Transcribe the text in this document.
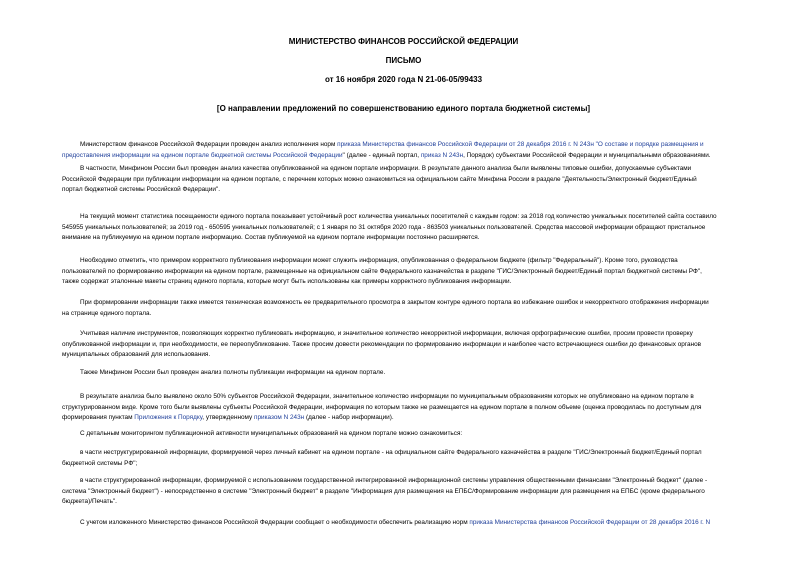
МИНИСТЕРСТВО ФИНАНСОВ РОССИЙСКОЙ ФЕДЕРАЦИИ
ПИСЬМО
от 16 ноября 2020 года N 21-06-05/99433
[О направлении предложений по совершенствованию единого портала бюджетной системы]
Министерством финансов Российской Федерации проведен анализ исполнения норм приказа Министерства финансов Российской Федерации от 28 декабря 2016 г. N 243н "О составе и порядке размещения и
предоставления информации на едином портале бюджетной системы Российской Федерации" (далее - единый портал, приказ N 243н, Порядок) субъектами Российской Федерации и муниципальными образованиями.
В частности, Минфином России был проведен анализ качества опубликованной на едином портале информации. В результате данного анализа были выявлены типовые ошибки, допускаемые субъектами
Российской Федерации при публикации информации на едином портале, с перечнем которых можно ознакомиться на официальном сайте Минфина России в разделе "Деятельность/Электронный бюджет/Единый
портал бюджетной системы Российской Федерации".
На текущий момент статистика посещаемости единого портала показывает устойчивый рост количества уникальных посетителей с каждым годом: за 2018 год количество уникальных посетителей сайта составило
545955 уникальных пользователей; за 2019 год - 650595 уникальных пользователей; с 1 января по 31 октября 2020 года - 863503 уникальных пользователей. Средства массовой информации обращают пристальное
внимание на публикуемую на едином портале информацию. Состав публикуемой на едином портале информации постоянно расширяется.
Необходимо отметить, что примером корректного публикования информации может служить информация, опубликованная о федеральном бюджете (фильтр "Федеральный"). Кроме того, руководства
пользователей по формированию информации на едином портале, размещенные на официальном сайте Федерального казначейства в разделе "ГИС/Электронный бюджет/Единый портал бюджетной системы РФ",
также содержат эталонные макеты страниц единого портала, которые могут быть использованы как примеры корректного публикования информации.
При формировании информации также имеется техническая возможность ее предварительного просмотра в закрытом контуре единого портала во избежание ошибок и некорректного отображения информации
на странице единого портала.
Учитывая наличие инструментов, позволяющих корректно публиковать информацию, и значительное количество некорректной информации, включая орфографические ошибки, просим провести проверку
опубликованной информации и, при необходимости, ее переопубликование. Также просим довести рекомендации по формированию информации и наиболее часто встречающиеся ошибки до финансовых органов
муниципальных образований для использования.
Также Минфином России был проведен анализ полноты публикации информации на едином портале.
В результате анализа было выявлено около 50% субъектов Российской Федерации, значительное количество информации по муниципальным образованиям которых не опубликовано на едином портале в
структурированном виде. Кроме того были выявлены субъекты Российской Федерации, информация по которым также не размещается на едином портале в полном объеме (оценка проводилась по доступным для
формирования пунктам Приложения к Порядку, утвержденному приказом N 243н (далее - набор информации).
С детальным мониторингом публикационной активности муниципальных образований на едином портале можно ознакомиться:
в части неструктурированной информации, формируемой через личный кабинет на едином портале - на официальном сайте Федерального казначейства в разделе "ГИС/Электронный бюджет/Единый портал
бюджетной системы РФ";
в части структурированной информации, формируемой с использованием государственной интегрированной информационной системы управления общественными финансами "Электронный бюджет" (далее -
система "Электронный бюджет") - непосредственно в системе "Электронный бюджет" в разделе "Информация для размещения на ЕПБС/Формирование информации для размещения на ЕПБС (кроме федерального
бюджета)/Печать".
С учетом изложенного Министерство финансов Российской Федерации сообщает о необходимости обеспечить реализацию норм приказа Министерства финансов Российской Федерации от 28 декабря 2016 г. N
